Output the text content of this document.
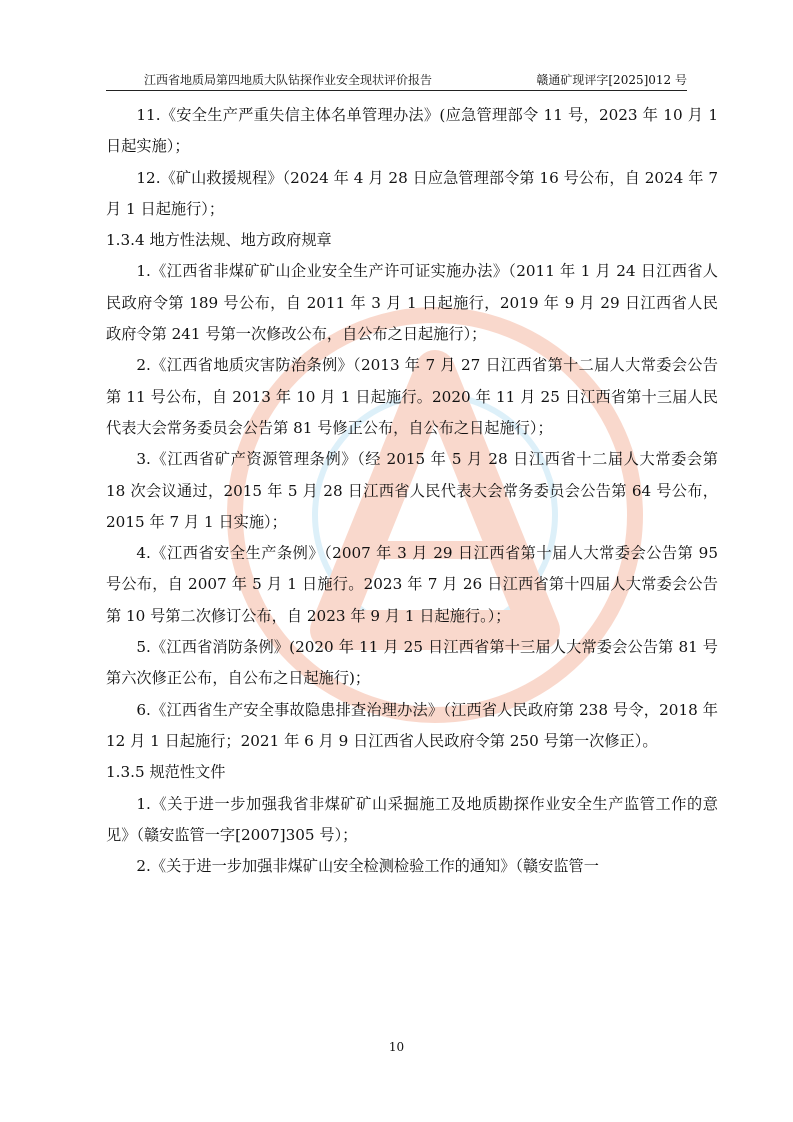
江西省地质局第四地质大队钻探作业安全现状评价报告	赣通矿现评字[2025]012 号
11.《安全生产严重失信主体名单管理办法》(应急管理部令 11 号，2023 年 10 月 1 日起实施）；
12.《矿山救援规程》（2024 年 4 月 28 日应急管理部令第 16 号公布，自 2024 年 7 月 1 日起施行）；
1.3.4 地方性法规、地方政府规章
1.《江西省非煤矿矿山企业安全生产许可证实施办法》（2011 年 1 月 24 日江西省人民政府令第 189 号公布，自 2011 年 3 月 1 日起施行，2019 年 9 月 29 日江西省人民政府令第 241 号第一次修改公布，自公布之日起施行）；
2.《江西省地质灾害防治条例》（2013 年 7 月 27 日江西省第十二届人大常委会公告第 11 号公布，自 2013 年 10 月 1 日起施行。2020 年 11 月 25 日江西省第十三届人民代表大会常务委员会公告第 81 号修正公布，自公布之日起施行）；
3.《江西省矿产资源管理条例》（经 2015 年 5 月 28 日江西省十二届人大常委会第 18 次会议通过，2015 年 5 月 28 日江西省人民代表大会常务委员会公告第 64 号公布，2015 年 7 月 1 日实施）；
4.《江西省安全生产条例》（2007 年 3 月 29 日江西省第十届人大常委会公告第 95 号公布，自 2007 年 5 月 1 日施行。2023 年 7 月 26 日江西省第十四届人大常委会公告第 10 号第二次修订公布，自 2023 年 9 月 1 日起施行。）；
5.《江西省消防条例》(2020 年 11 月 25 日江西省第十三届人大常委会公告第 81 号第六次修正公布，自公布之日起施行)；
6.《江西省生产安全事故隐患排查治理办法》（江西省人民政府第 238 号令，2018 年 12 月 1 日起施行；2021 年 6 月 9 日江西省人民政府令第 250 号第一次修正）。
1.3.5 规范性文件
1.《关于进一步加强我省非煤矿矿山采掘施工及地质勘探作业安全生产监管工作的意见》（赣安监管一字[2007]305 号）；
2.《关于进一步加强非煤矿山安全检测检验工作的通知》（赣安监管一
10
